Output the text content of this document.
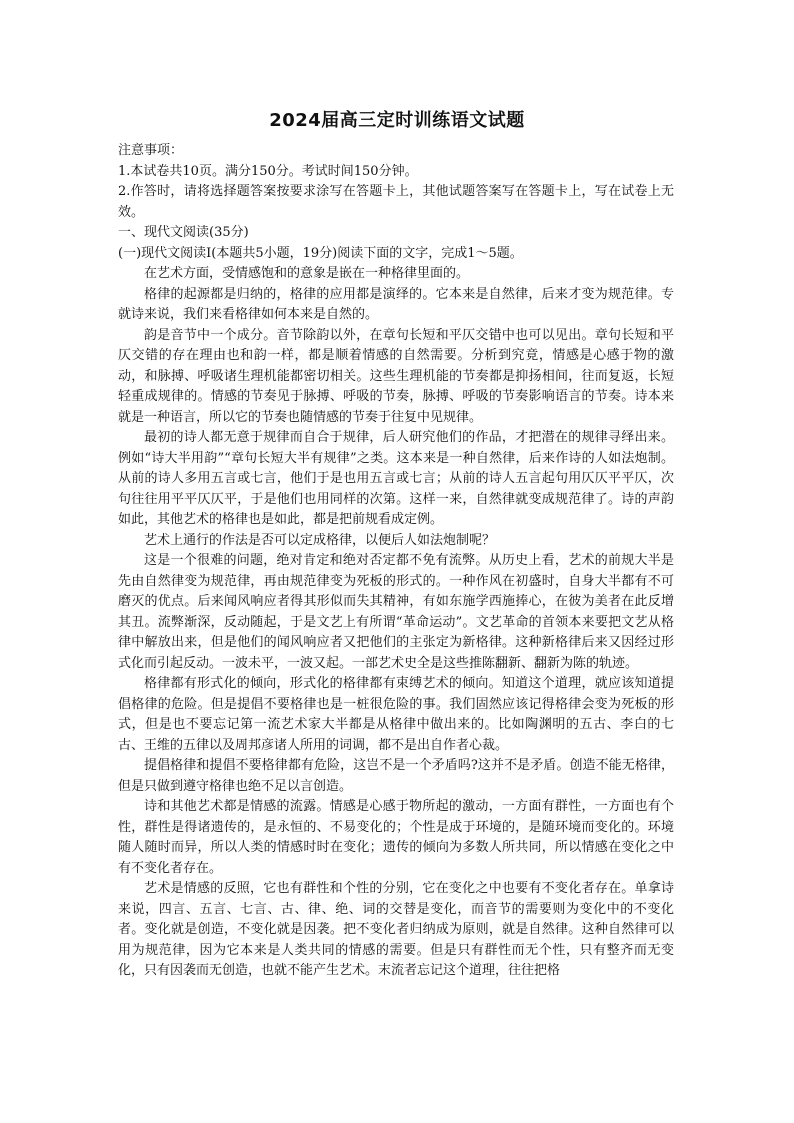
2024届高三定时训练语文试题

注意事项：

1.本试卷共10页。满分150分。考试时间150分钟。

2.作答时，请将选择题答案按要求涂写在答题卡上，其他试题答案写在答题卡上，写在试卷上无效。

一、现代文阅读(35分)

(一)现代文阅读Ⅰ(本题共5小题，19分)阅读下面的文字，完成1～5题。

在艺术方面，受情感饱和的意象是嵌在一种格律里面的。

格律的起源都是归纳的，格律的应用都是演绎的。它本来是自然律，后来才变为规范律。专就诗来说，我们来看格律如何本来是自然的。

韵是音节中一个成分。音节除韵以外，在章句长短和平仄交错中也可以见出。章句长短和平仄交错的存在理由也和韵一样，都是顺着情感的自然需要。分析到究竟，情感是心感于物的激动，和脉搏、呼吸诸生理机能都密切相关。这些生理机能的节奏都是抑扬相间，往而复返，长短轻重成规律的。情感的节奏见于脉搏、呼吸的节奏，脉搏、呼吸的节奏影响语言的节奏。诗本来就是一种语言，所以它的节奏也随情感的节奏于往复中见规律。

最初的诗人都无意于规律而自合于规律，后人研究他们的作品，才把潜在的规律寻绎出来。例如“诗大半用韵”“章句长短大半有规律”之类。这本来是一种自然律，后来作诗的人如法炮制。从前的诗人多用五言或七言，他们于是也用五言或七言；从前的诗人五言起句用仄仄平平仄，次句往往用平平仄仄平，于是他们也用同样的次第。这样一来，自然律就变成规范律了。诗的声韵如此，其他艺术的格律也是如此，都是把前规看成定例。

艺术上通行的作法是否可以定成格律，以便后人如法炮制呢？

这是一个很难的问题，绝对肯定和绝对否定都不免有流弊。从历史上看，艺术的前规大半是先由自然律变为规范律，再由规范律变为死板的形式的。一种作风在初盛时，自身大半都有不可磨灭的优点。后来闻风响应者得其形似而失其精神，有如东施学西施捧心，在彼为美者在此反增其丑。流弊渐深，反动随起，于是文艺上有所谓“革命运动”。文艺革命的首领本来要把文艺从格律中解放出来，但是他们的闻风响应者又把他们的主张定为新格律。这种新格律后来又因经过形式化而引起反动。一波未平，一波又起。一部艺术史全是这些推陈翻新、翻新为陈的轨迹。

格律都有形式化的倾向，形式化的格律都有束缚艺术的倾向。知道这个道理，就应该知道提倡格律的危险。但是提倡不要格律也是一桩很危险的事。我们固然应该记得格律会变为死板的形式，但是也不要忘记第一流艺术家大半都是从格律中做出来的。比如陶渊明的五古、李白的七古、王维的五律以及周邦彦诸人所用的词调，都不是出自作者心裁。

提倡格律和提倡不要格律都有危险，这岂不是一个矛盾吗?这并不是矛盾。创造不能无格律，但是只做到遵守格律也绝不足以言创造。

诗和其他艺术都是情感的流露。情感是心感于物所起的激动，一方面有群性，一方面也有个性，群性是得诸遗传的，是永恒的、不易变化的；个性是成于环境的，是随环境而变化的。环境随人随时而异，所以人类的情感时时在变化；遗传的倾向为多数人所共同，所以情感在变化之中有不变化者存在。

艺术是情感的反照，它也有群性和个性的分别，它在变化之中也要有不变化者存在。单拿诗来说，四言、五言、七言、古、律、绝、词的交替是变化，而音节的需要则为变化中的不变化者。变化就是创造，不变化就是因袭。把不变化者归纳成为原则，就是自然律。这种自然律可以用为规范律，因为它本来是人类共同的情感的需要。但是只有群性而无个性，只有整齐而无变化，只有因袭而无创造，也就不能产生艺术。末流者忘记这个道理，往往把格
